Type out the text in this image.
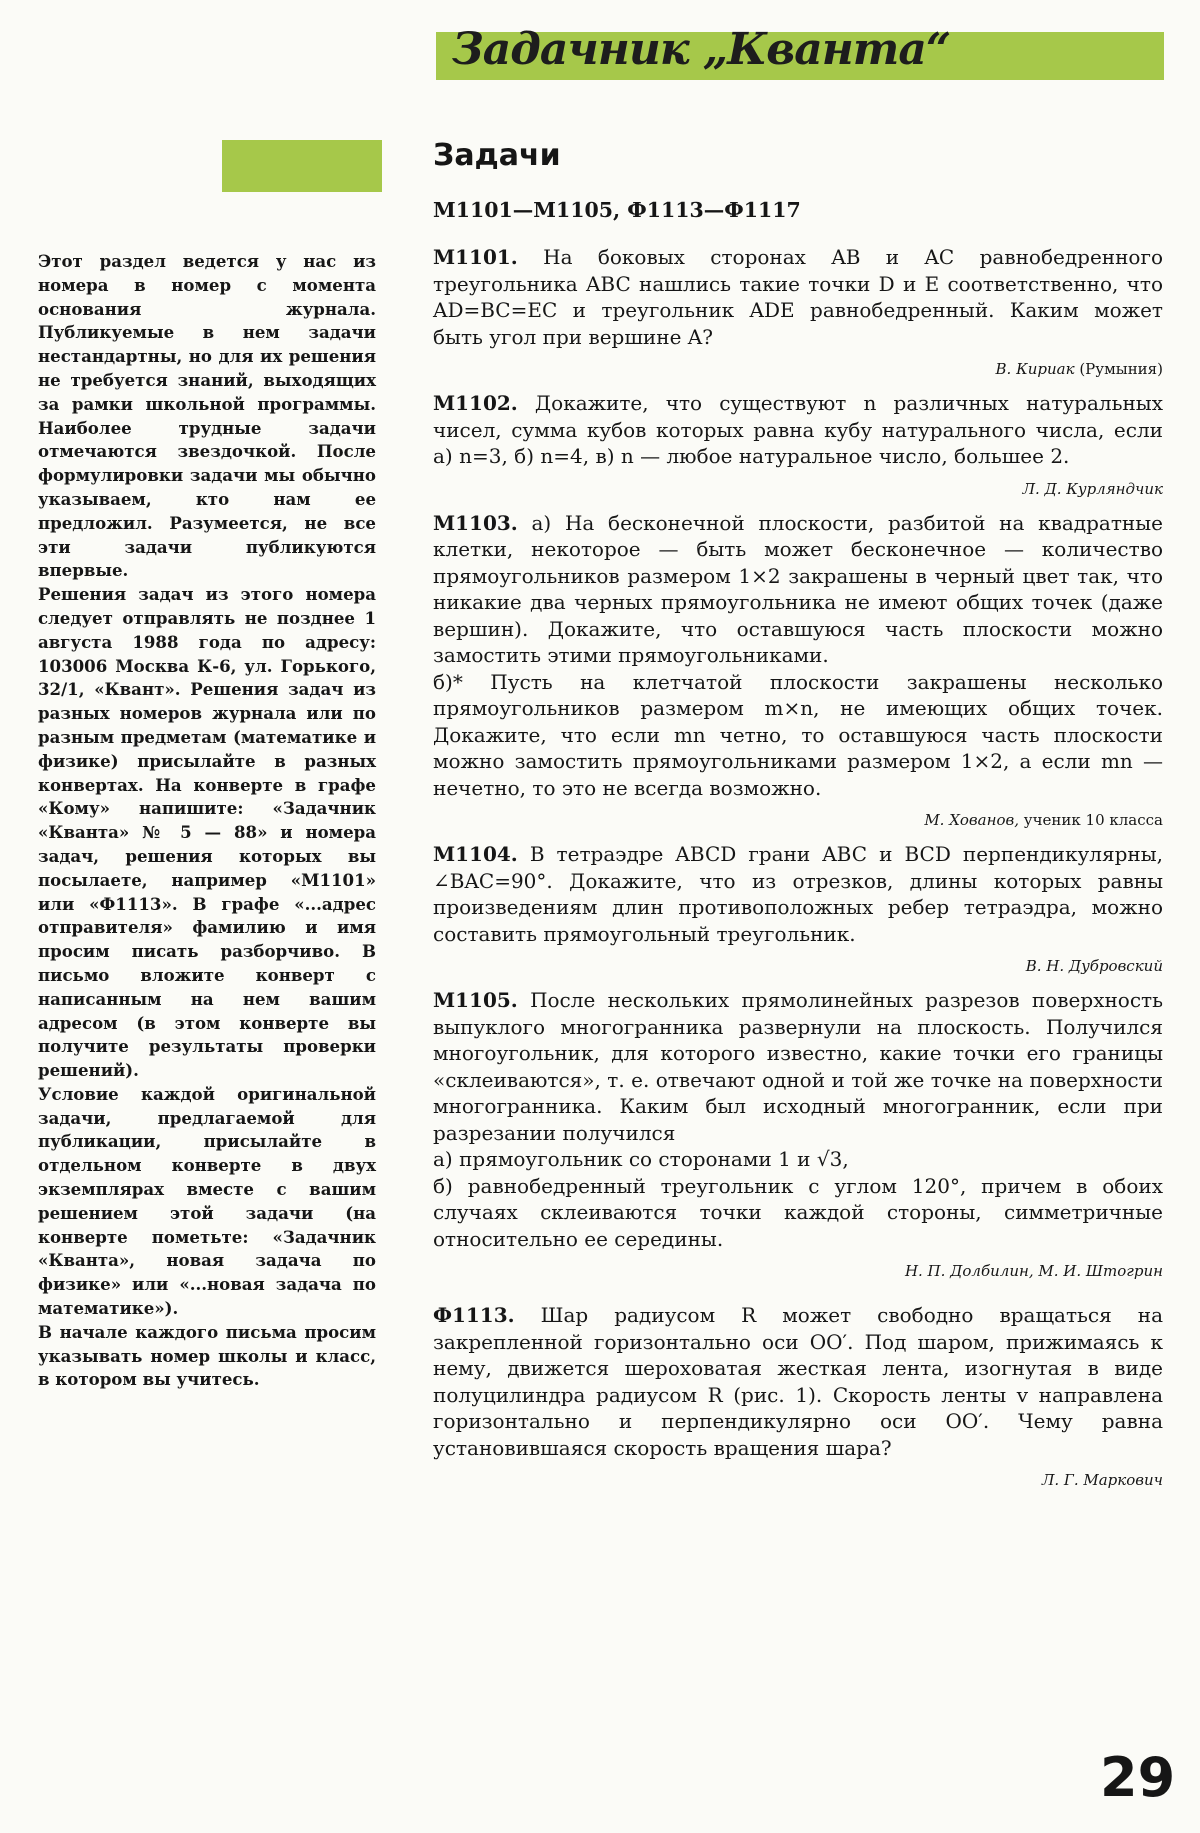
Задачник „Кванта“

Этот раздел ведется у нас из номера в номер с момента основания журнала. Публикуемые в нем задачи нестандартны, но для их решения не требуется знаний, выходящих за рамки школьной программы. Наиболее трудные задачи отмечаются звездочкой. После формулировки задачи мы обычно указываем, кто нам ее предложил. Разумеется, не все эти задачи публикуются впервые.

Решения задач из этого номера следует отправлять не позднее 1 августа 1988 года по адресу: 103006 Москва К-6, ул. Горького, 32/1, «Квант». Решения задач из разных номеров журнала или по разным предметам (математике и физике) присылайте в разных конвертах. На конверте в графе «Кому» напишите: «Задачник «Кванта» № 5 — 88» и номера задач, решения которых вы посылаете, например «М1101» или «Ф1113». В графе «...адрес отправителя» фамилию и имя просим писать разборчиво. В письмо вложите конверт с написанным на нем вашим адресом (в этом конверте вы получите результаты проверки решений).

Условие каждой оригинальной задачи, предлагаемой для публикации, присылайте в отдельном конверте в двух экземплярах вместе с вашим решением этой задачи (на конверте пометьте: «Задачник «Кванта», новая задача по физике» или «...новая задача по математике»).

В начале каждого письма просим указывать номер школы и класс, в котором вы учитесь.

Задачи
М1101—М1105, Ф1113—Ф1117

М1101. На боковых сторонах AB и AC равнобедренного треугольника ABC нашлись такие точки D и E соответственно, что AD=BC=EC и треугольник ADE равнобедренный. Каким может быть угол при вершине A?

В. Кириак (Румыния)

М1102. Докажите, что существуют n различных натуральных чисел, сумма кубов которых равна кубу натурального числа, если а) n=3, б) n=4, в) n — любое натуральное число, большее 2.

Л. Д. Курляндчик

М1103. а) На бесконечной плоскости, разбитой на квадратные клетки, некоторое — быть может бесконечное — количество прямоугольников размером 1×2 закрашены в черный цвет так, что никакие два черных прямоугольника не имеют общих точек (даже вершин). Докажите, что оставшуюся часть плоскости можно замостить этими прямоугольниками.

б)* Пусть на клетчатой плоскости закрашены несколько прямоугольников размером m×n, не имеющих общих точек. Докажите, что если mn четно, то оставшуюся часть плоскости можно замостить прямоугольниками размером 1×2, а если mn — нечетно, то это не всегда возможно.

М. Хованов, ученик 10 класса

М1104. В тетраэдре ABCD грани ABC и BCD перпендикулярны, ∠BAC=90°. Докажите, что из отрезков, длины которых равны произведениям длин противоположных ребер тетраэдра, можно составить прямоугольный треугольник.

В. Н. Дубровский

М1105. После нескольких прямолинейных разрезов поверхность выпуклого многогранника развернули на плоскость. Получился многоугольник, для которого известно, какие точки его границы «склеиваются», т. е. отвечают одной и той же точке на поверхности многогранника. Каким был исходный многогранник, если при разрезании получился

а) прямоугольник со сторонами 1 и √3,

б) равнобедренный треугольник с углом 120°, причем в обоих случаях склеиваются точки каждой стороны, симметричные относительно ее середины.

Н. П. Долбилин, М. И. Штогрин

Ф1113. Шар радиусом R может свободно вращаться на закрепленной горизонтально оси OO′. Под шаром, прижимаясь к нему, движется шероховатая жесткая лента, изогнутая в виде полуцилиндра радиусом R (рис. 1). Скорость ленты v направлена горизонтально и перпендикулярно оси OO′. Чему равна установившаяся скорость вращения шара?

Л. Г. Маркович
29
